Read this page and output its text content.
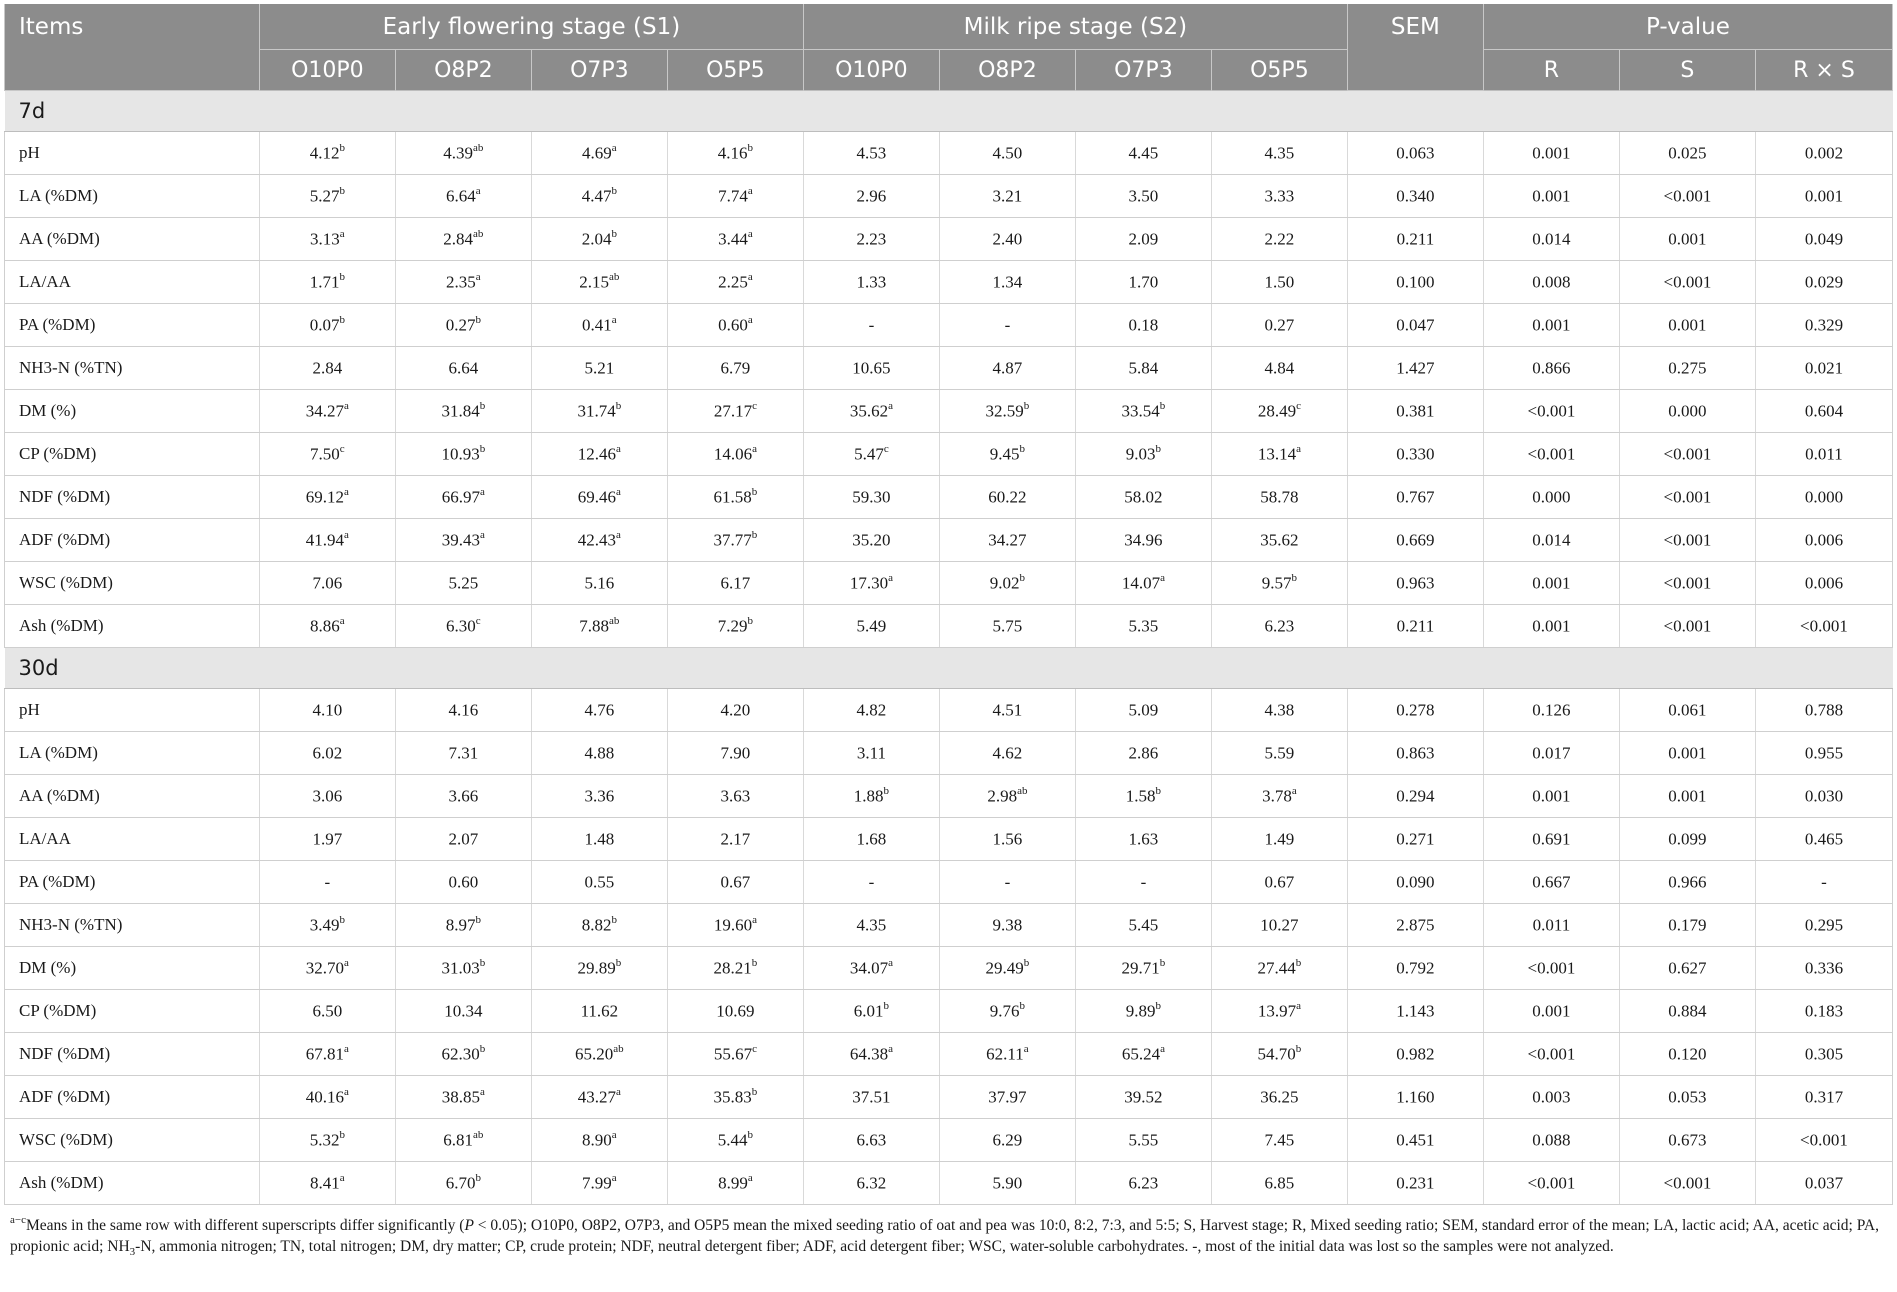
Items	Early flowering stage (S1)				Milk ripe stage (S2)				SEM	P-value		
	O10P0	O8P2	O7P3	O5P5	O10P0	O8P2	O7P3	O5P5		R	S	R × S
7d												
pH	4.12$^b$	4.39$^{ab}$	4.69$^a$	4.16$^b$	4.53	4.50	4.45	4.35	0.063	0.001	0.025	0.002
LA (%DM)	5.27$^b$	6.64$^a$	4.47$^b$	7.74$^a$	2.96	3.21	3.50	3.33	0.340	0.001	<0.001	0.001
AA (%DM)	3.13$^a$	2.84$^{ab}$	2.04$^b$	3.44$^a$	2.23	2.40	2.09	2.22	0.211	0.014	0.001	0.049
LA/AA	1.71$^b$	2.35$^a$	2.15$^{ab}$	2.25$^a$	1.33	1.34	1.70	1.50	0.100	0.008	<0.001	0.029
PA (%DM)	0.07$^b$	0.27$^b$	0.41$^a$	0.60$^a$	-	-	0.18	0.27	0.047	0.001	0.001	0.329
NH3-N (%TN)	2.84	6.64	5.21	6.79	10.65	4.87	5.84	4.84	1.427	0.866	0.275	0.021
DM (%)	34.27$^a$	31.84$^b$	31.74$^b$	27.17$^c$	35.62$^a$	32.59$^b$	33.54$^b$	28.49$^c$	0.381	<0.001	0.000	0.604
CP (%DM)	7.50$^c$	10.93$^b$	12.46$^a$	14.06$^a$	5.47$^c$	9.45$^b$	9.03$^b$	13.14$^a$	0.330	<0.001	<0.001	0.011
NDF (%DM)	69.12$^a$	66.97$^a$	69.46$^a$	61.58$^b$	59.30	60.22	58.02	58.78	0.767	0.000	<0.001	0.000
ADF (%DM)	41.94$^a$	39.43$^a$	42.43$^a$	37.77$^b$	35.20	34.27	34.96	35.62	0.669	0.014	<0.001	0.006
WSC (%DM)	7.06	5.25	5.16	6.17	17.30$^a$	9.02$^b$	14.07$^a$	9.57$^b$	0.963	0.001	<0.001	0.006
Ash (%DM)	8.86$^a$	6.30$^c$	7.88$^{ab}$	7.29$^b$	5.49	5.75	5.35	6.23	0.211	0.001	<0.001	<0.001
30d												
pH	4.10	4.16	4.76	4.20	4.82	4.51	5.09	4.38	0.278	0.126	0.061	0.788
LA (%DM)	6.02	7.31	4.88	7.90	3.11	4.62	2.86	5.59	0.863	0.017	0.001	0.955
AA (%DM)	3.06	3.66	3.36	3.63	1.88$^b$	2.98$^{ab}$	1.58$^b$	3.78$^a$	0.294	0.001	0.001	0.030
LA/AA	1.97	2.07	1.48	2.17	1.68	1.56	1.63	1.49	0.271	0.691	0.099	0.465
PA (%DM)	-	0.60	0.55	0.67	-	-	-	0.67	0.090	0.667	0.966	-
NH3-N (%TN)	3.49$^b$	8.97$^b$	8.82$^b$	19.60$^a$	4.35	9.38	5.45	10.27	2.875	0.011	0.179	0.295
DM (%)	32.70$^a$	31.03$^b$	29.89$^b$	28.21$^b$	34.07$^a$	29.49$^b$	29.71$^b$	27.44$^b$	0.792	<0.001	0.627	0.336
CP (%DM)	6.50	10.34	11.62	10.69	6.01$^b$	9.76$^b$	9.89$^b$	13.97$^a$	1.143	0.001	0.884	0.183
NDF (%DM)	67.81$^a$	62.30$^b$	65.20$^{ab}$	55.67$^c$	64.38$^a$	62.11$^a$	65.24$^a$	54.70$^b$	0.982	<0.001	0.120	0.305
ADF (%DM)	40.16$^a$	38.85$^a$	43.27$^a$	35.83$^b$	37.51	37.97	39.52	36.25	1.160	0.003	0.053	0.317
WSC (%DM)	5.32$^b$	6.81$^{ab}$	8.90$^a$	5.44$^b$	6.63	6.29	5.55	7.45	0.451	0.088	0.673	<0.001
Ash (%DM)	8.41$^a$	6.70$^b$	7.99$^a$	8.99$^a$	6.32	5.90	6.23	6.85	0.231	<0.001	<0.001	0.037
$^{a-c}$Means in the same row with different superscripts differ significantly (P < 0.05); O10P0, O8P2, O7P3, and O5P5 mean the mixed seeding ratio of oat and pea was 10:0, 8:2, 7:3, and 5:5; S, Harvest stage; R, Mixed seeding ratio; SEM, standard error of the mean; LA, lactic acid; AA, acetic acid; PA, propionic acid; $NH_3-N$, ammonia nitrogen; TN, total nitrogen; DM, dry matter; CP, crude protein; NDF, neutral detergent fiber; ADF, acid detergent fiber; WSC, water-soluble carbohydrates. -, most of the initial data was lost so the samples were not analyzed.
